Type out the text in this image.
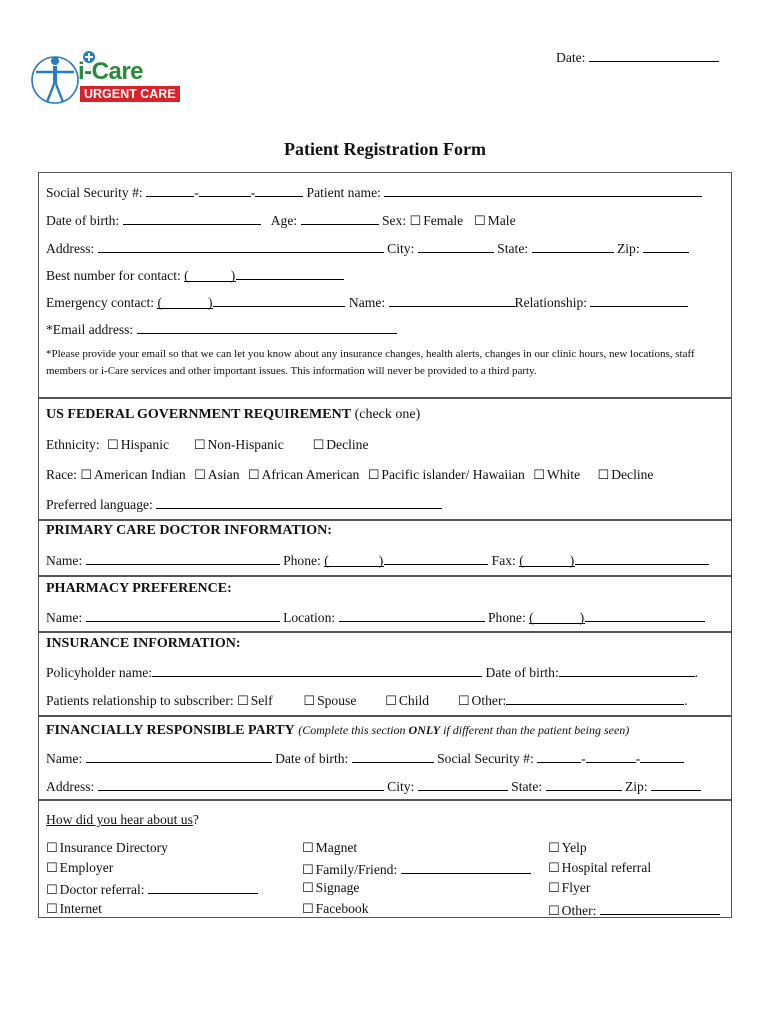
Date:
i-Care
URGENT CARE
Patient Registration Form
Social Security #:	-	-	Patient name:
Date of birth:	Age:	Sex: ☐ Female ☐ Male
Address:	City:	State:	Zip:
Best number for contact: (	)
Emergency contact: (	)	Name:	Relationship:
*Email address:
*Please provide your email so that we can let you know about any insurance changes, health alerts, changes in our clinic hours, new locations, staff members or i-Care services and other important issues. This information will never be provided to a third party.
US FEDERAL GOVERNMENT REQUIREMENT (check one)
Ethnicity: ☐ Hispanic ☐	Non-Hispanic ☐	Decline
Race: ☐ American Indian ☐ Asian ☐ African American ☐ Pacific islander/ Hawaiian ☐ White ☐ Decline
Preferred language:
PRIMARY CARE DOCTOR INFORMATION:
Name:	Phone: (	)	Fax: (	)
PHARMACY PREFERENCE:
Name:	Location:	Phone: (	)
INSURANCE INFORMATION:
Policyholder name:	Date of birth:	.
Patients relationship to subscriber: ☐ Self ☐	Spouse ☐	Child ☐	Other:	.
FINANCIALLY RESPONSIBLE PARTY (Complete this section ONLY if different than the patient being seen)
Name:	Date of birth:	Social Security #:	-	-
Address:	City:	State:	Zip:
How did you hear about us?
☐ Insurance Directory
☐ Employer
☐ Doctor referral:
☐ Internet
☐ Magnet
☐ Family/Friend:
☐ Signage
☐ Facebook
☐ Yelp
☐ Hospital referral
☐ Flyer
☐ Other:
